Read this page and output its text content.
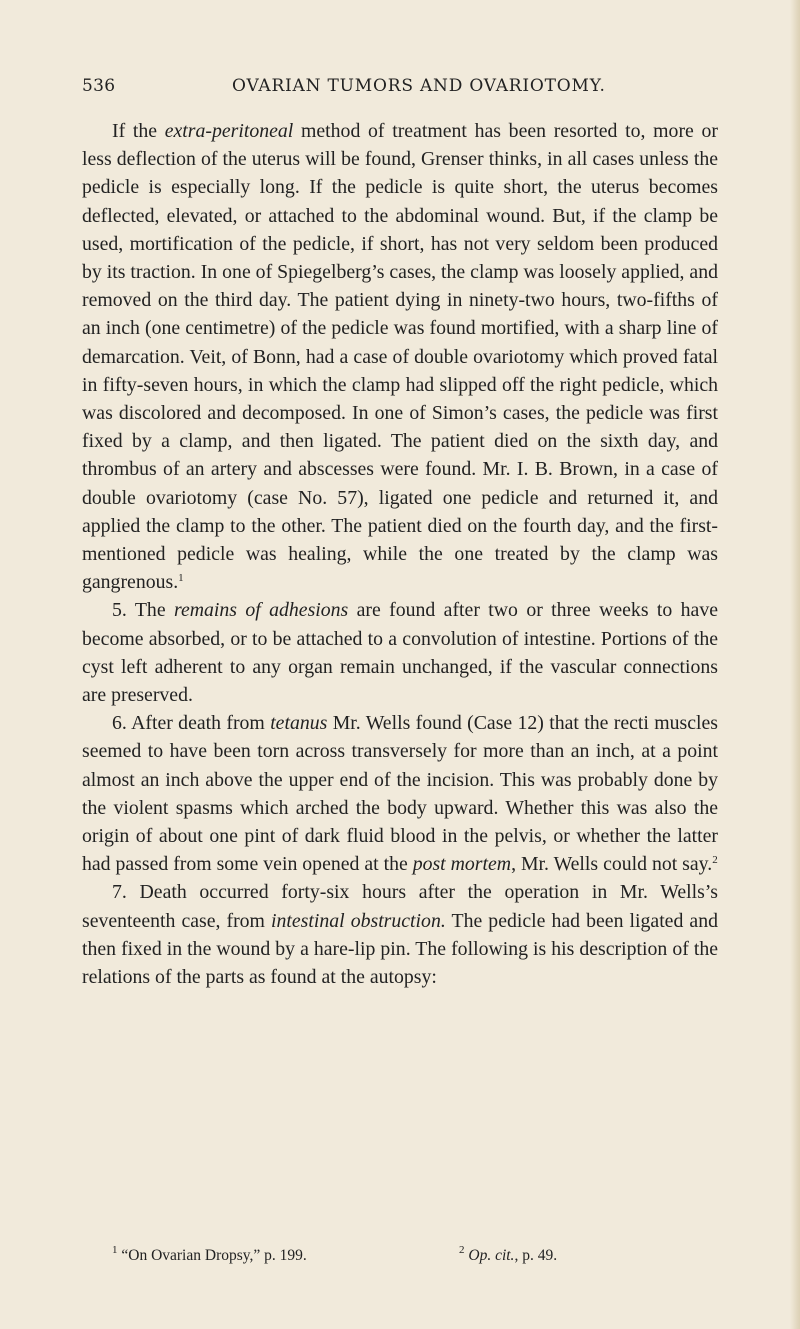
536	OVARIAN TUMORS AND OVARIOTOMY.

If the extra-peritoneal method of treatment has been resorted to, more or less deflection of the uterus will be found, Grenser thinks, in all cases unless the pedicle is especially long. If the pedicle is quite short, the uterus becomes deflected, elevated, or attached to the abdominal wound. But, if the clamp be used, mortification of the pedicle, if short, has not very seldom been produced by its traction. In one of Spiegelberg’s cases, the clamp was loosely applied, and removed on the third day. The patient dying in ninety-two hours, two-fifths of an inch (one centimetre) of the pedicle was found mortified, with a sharp line of demarcation. Veit, of Bonn, had a case of double ovariotomy which proved fatal in fifty-seven hours, in which the clamp had slipped off the right pedicle, which was discolored and decomposed. In one of Simon’s cases, the pedicle was first fixed by a clamp, and then ligated. The patient died on the sixth day, and thrombus of an artery and abscesses were found. Mr. I. B. Brown, in a case of double ovariotomy (case No. 57), ligated one pedicle and returned it, and applied the clamp to the other. The patient died on the fourth day, and the first-mentioned pedicle was healing, while the one treated by the clamp was gangrenous.$^1$

5. The remains of adhesions are found after two or three weeks to have become absorbed, or to be attached to a convolution of intestine. Portions of the cyst left adherent to any organ remain unchanged, if the vascular connections are preserved.

6. After death from tetanus Mr. Wells found (Case 12) that the recti muscles seemed to have been torn across transversely for more than an inch, at a point almost an inch above the upper end of the incision. This was probably done by the violent spasms which arched the body upward. Whether this was also the origin of about one pint of dark fluid blood in the pelvis, or whether the latter had passed from some vein opened at the post mortem, Mr. Wells could not say.$^2$

7. Death occurred forty-six hours after the operation in Mr. Wells’s seventeenth case, from intestinal obstruction. The pedicle had been ligated and then fixed in the wound by a hare-lip pin. The following is his description of the relations of the parts as found at the autopsy:

$^1$ “On Ovarian Dropsy,” p. 199.	$^2$ Op. cit., p. 49.
